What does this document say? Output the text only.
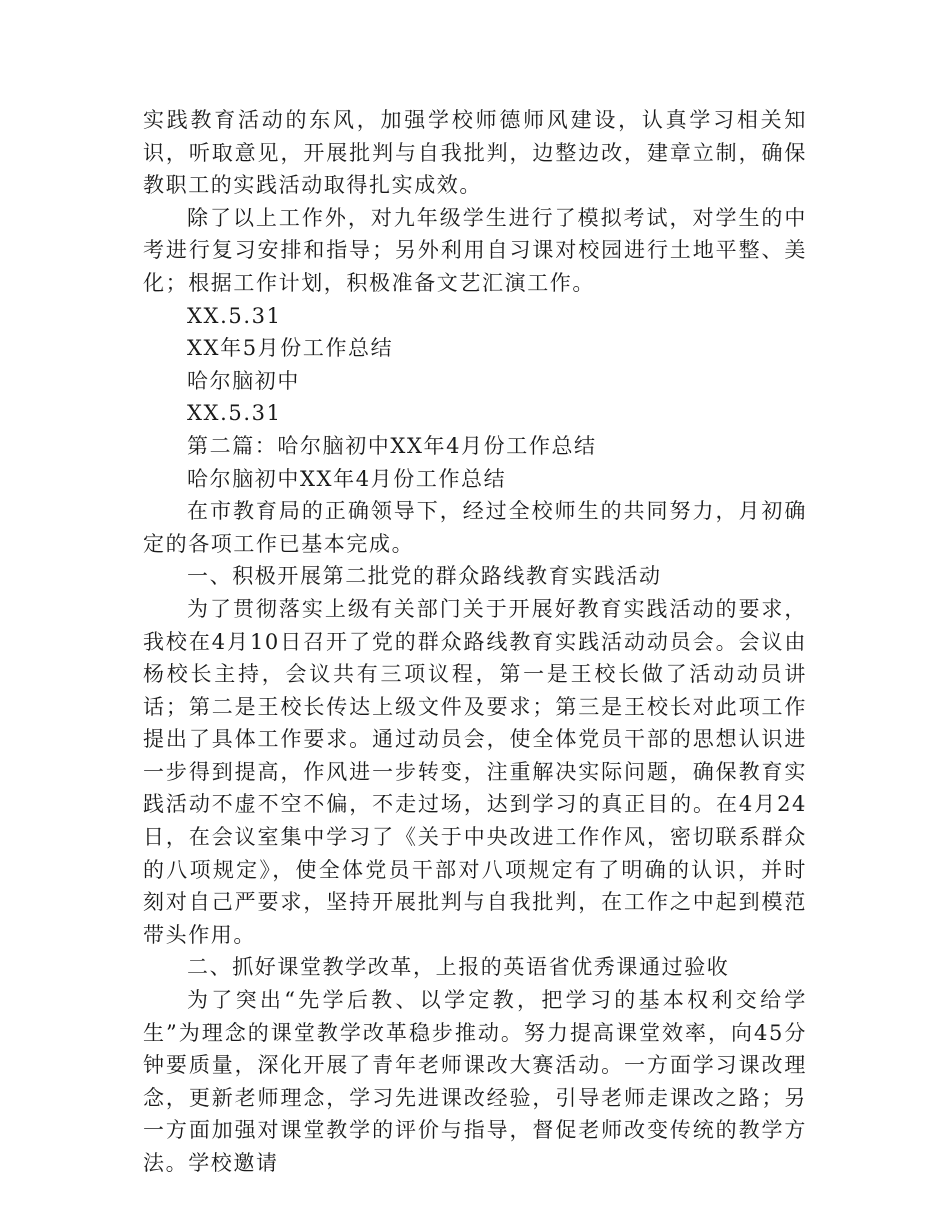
实践教育活动的东风，加强学校师德师风建设，认真学习相关知识，听取意见，开展批判与自我批判，边整边改，建章立制，确保教职工的实践活动取得扎实成效。

除了以上工作外，对九年级学生进行了模拟考试，对学生的中考进行复习安排和指导；另外利用自习课对校园进行土地平整、美化；根据工作计划，积极准备文艺汇演工作。

XX.5.31

XX年5月份工作总结

哈尔脑初中

XX.5.31

第二篇：哈尔脑初中XX年4月份工作总结

哈尔脑初中XX年4月份工作总结

在市教育局的正确领导下，经过全校师生的共同努力，月初确定的各项工作已基本完成。

一、积极开展第二批党的群众路线教育实践活动

为了贯彻落实上级有关部门关于开展好教育实践活动的要求，我校在4月10日召开了党的群众路线教育实践活动动员会。会议由杨校长主持，会议共有三项议程，第一是王校长做了活动动员讲话；第二是王校长传达上级文件及要求；第三是王校长对此项工作提出了具体工作要求。通过动员会，使全体党员干部的思想认识进一步得到提高，作风进一步转变，注重解决实际问题，确保教育实践活动不虚不空不偏，不走过场，达到学习的真正目的。在4月24日，在会议室集中学习了《关于中央改进工作作风，密切联系群众的八项规定》，使全体党员干部对八项规定有了明确的认识，并时刻对自己严要求，坚持开展批判与自我批判，在工作之中起到模范带头作用。

二、抓好课堂教学改革，上报的英语省优秀课通过验收

为了突出“先学后教、以学定教，把学习的基本权利交给学生”为理念的课堂教学改革稳步推动。努力提高课堂效率，向45分钟要质量，深化开展了青年老师课改大赛活动。一方面学习课改理念，更新老师理念，学习先进课改经验，引导老师走课改之路；另一方面加强对课堂教学的评价与指导，督促老师改变传统的教学方法。学校邀请
